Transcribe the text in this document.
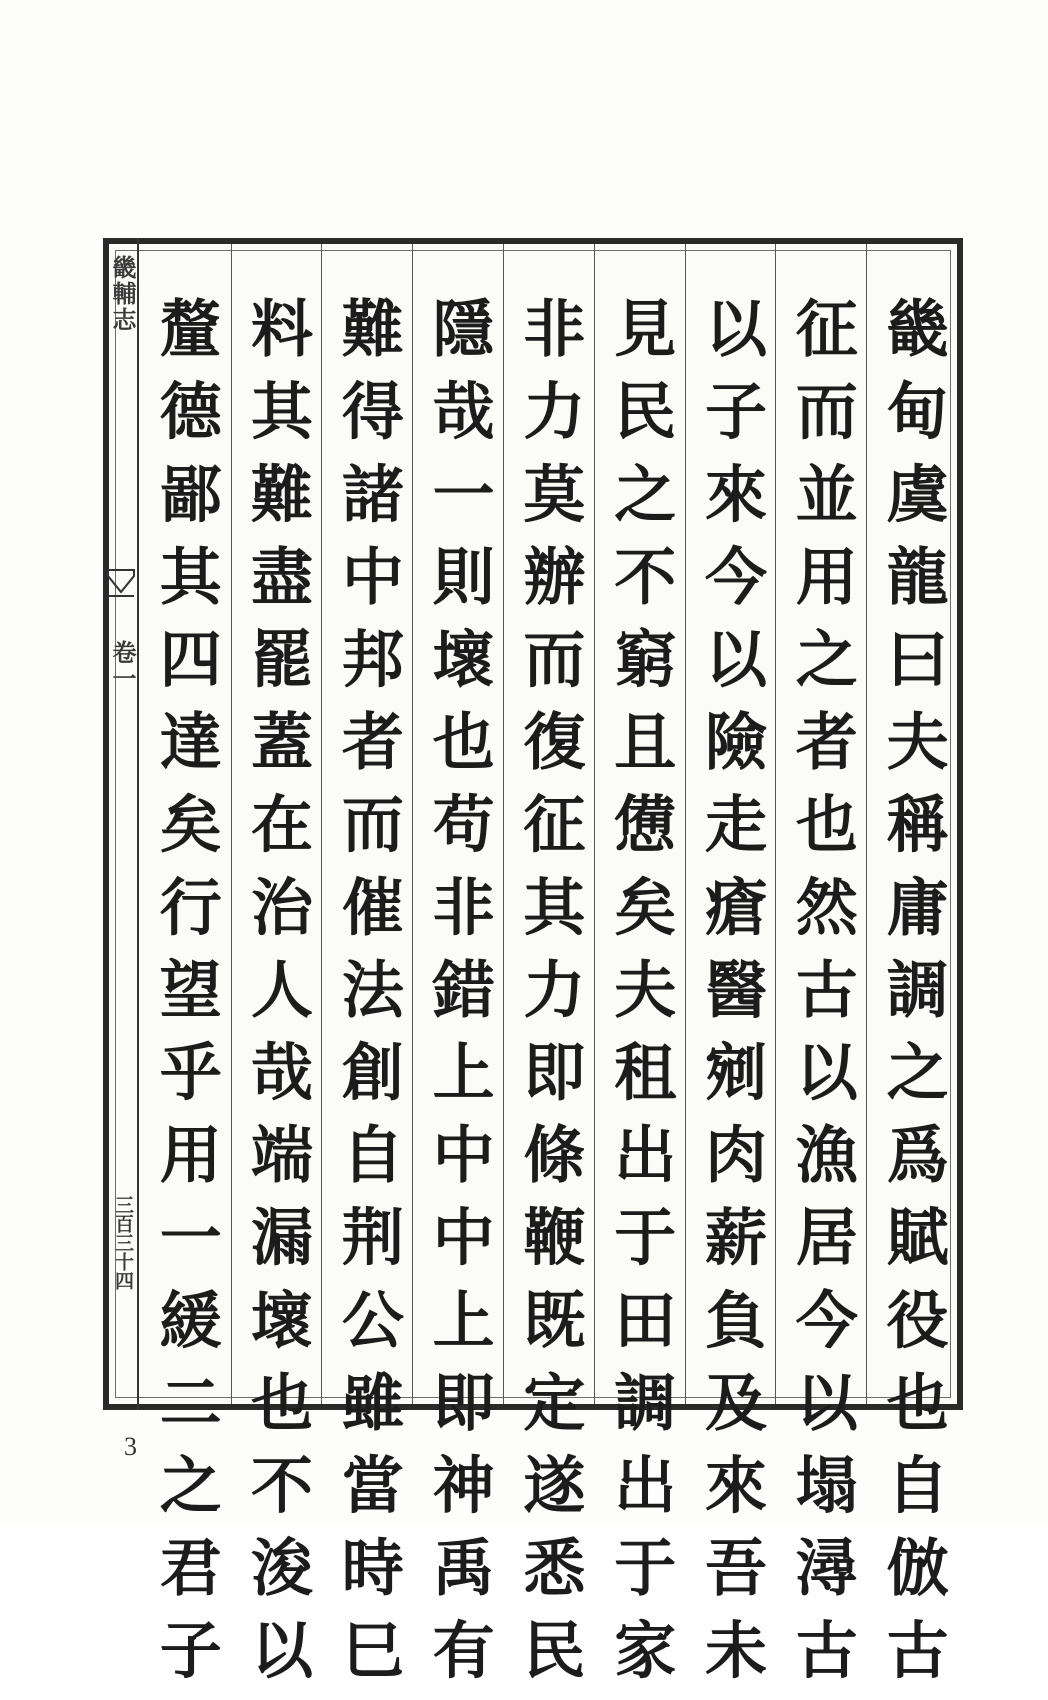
畿輔志
卷一
三百三十四	畿甸虞龍曰夫稱庸調之爲賦役也自倣古
征而並用之者也然古以漁居今以塌潯古
以子來今以險走瘡醫剜肉薪負及來吾未
見民之不窮且憊矣夫租出于田調出于家
非力莫辦而復征其力即條鞭既定遂悉民
隱哉一則壞也苟非錯上中中上即神禹有
難得諸中邦者而催法創自荆公雖當時巳
料其難盡罷蓋在治人哉端漏壞也不浚以
釐德鄙其四達矣行望乎用一緩二之君子
3
